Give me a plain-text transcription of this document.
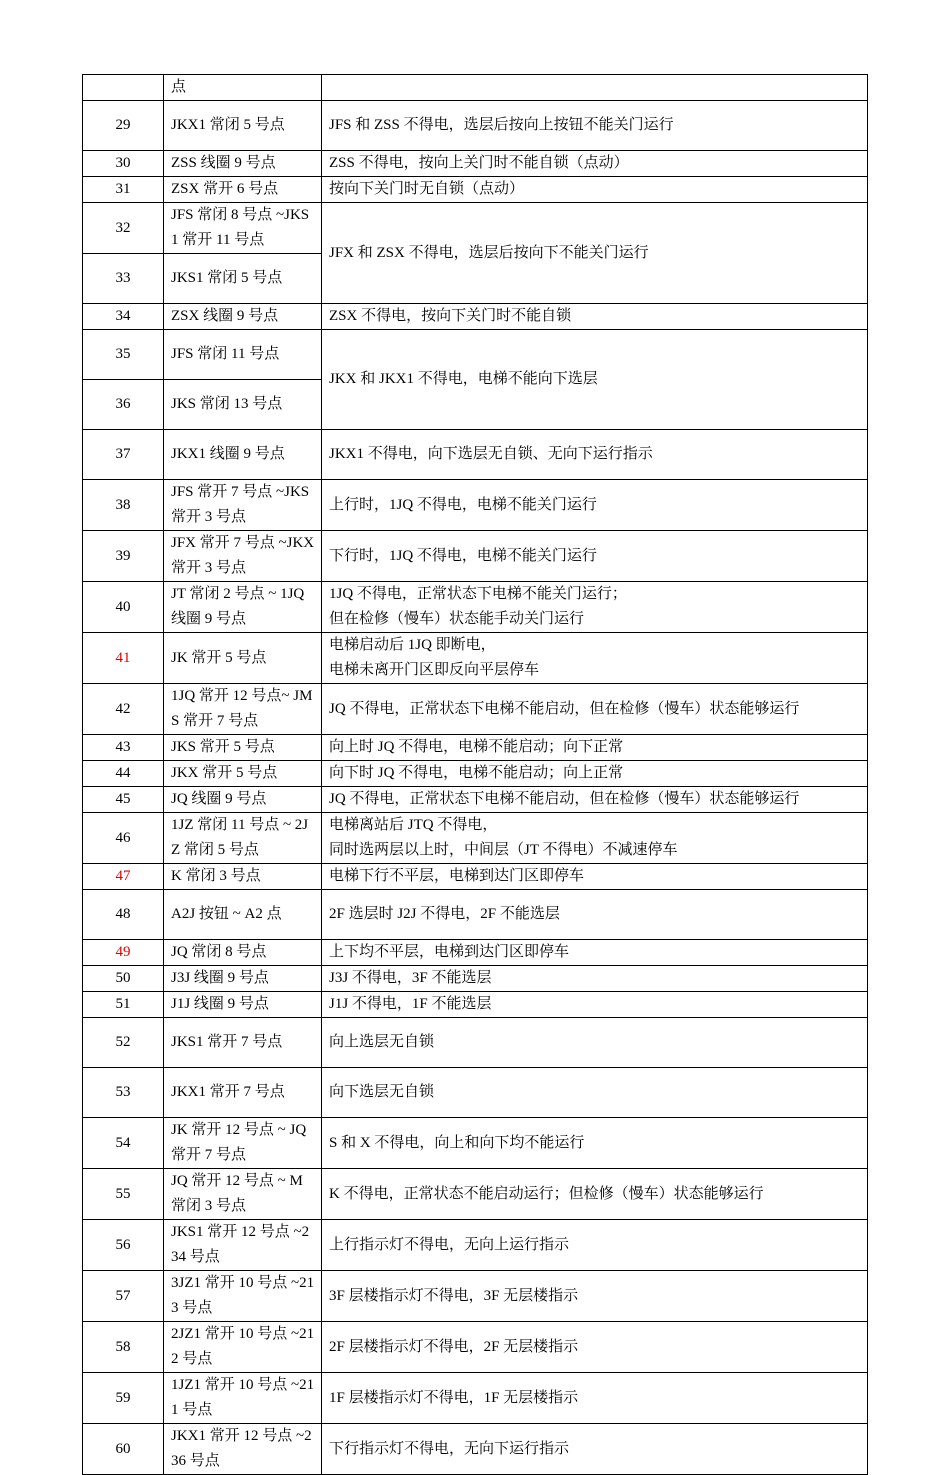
	点	
29	JKX1 常闭 5 号点	JFS 和 ZSS 不得电，选层后按向上按钮不能关门运行

30	ZSS 线圈 9 号点	ZSS 不得电，按向上关门时不能自锁（点动）

31	ZSX 常开 6 号点	按向下关门时无自锁（点动）

32	JFS 常闭 8 号点 ~JKS1 常开 11 号点	JFX 和 ZSX 不得电，选层后按向下不能关门运行

33	JKS1 常闭 5 号点	
34	ZSX 线圈 9 号点	ZSX 不得电，按向下关门时不能自锁

35	JFS 常闭 11 号点	JKX 和 JKX1 不得电，电梯不能向下选层

36	JKS 常闭 13 号点	
37	JKX1 线圈 9 号点	JKX1 不得电，向下选层无自锁、无向下运行指示

38	JFS 常开 7 号点 ~JKS 常开 3 号点	上行时，1JQ 不得电，电梯不能关门运行

39	JFX 常开 7 号点 ~JKX 常开 3 号点	下行时，1JQ 不得电，电梯不能关门运行

40	JT 常闭 2 号点 ~ 1JQ 线圈 9 号点	1JQ 不得电，正常状态下电梯不能关门运行；
但在检修（慢车）状态能手动关门运行

41	JK 常开 5 号点	电梯启动后 1JQ 即断电，
电梯未离开门区即反向平层停车

42	1JQ 常开 12 号点~ JMS 常开 7 号点	JQ 不得电，正常状态下电梯不能启动，但在检修（慢车）状态能够运行

43	JKS 常开 5 号点	向上时 JQ 不得电，电梯不能启动；向下正常

44	JKX 常开 5 号点	向下时 JQ 不得电，电梯不能启动；向上正常

45	JQ 线圈 9 号点	JQ 不得电，正常状态下电梯不能启动，但在检修（慢车）状态能够运行

46	1JZ 常闭 11 号点 ~ 2JZ 常闭 5 号点	电梯离站后 JTQ 不得电，
同时选两层以上时，中间层（JT 不得电）不减速停车

47	K 常闭 3 号点	电梯下行不平层，电梯到达门区即停车

48	A2J 按钮 ~ A2 点	2F 选层时 J2J 不得电，2F 不能选层

49	JQ 常闭 8 号点	上下均不平层，电梯到达门区即停车

50	J3J 线圈 9 号点	J3J 不得电，3F 不能选层

51	J1J 线圈 9 号点	J1J 不得电，1F 不能选层

52	JKS1 常开 7 号点	向上选层无自锁

53	JKX1 常开 7 号点	向下选层无自锁

54	JK 常开 12 号点 ~ JQ 常开 7 号点	S 和 X 不得电，向上和向下均不能运行

55	JQ 常开 12 号点 ~ M 常闭 3 号点	K 不得电，正常状态不能启动运行；但检修（慢车）状态能够运行

56	JKS1 常开 12 号点 ~234 号点	上行指示灯不得电，无向上运行指示

57	3JZ1 常开 10 号点 ~213 号点	3F 层楼指示灯不得电，3F 无层楼指示

58	2JZ1 常开 10 号点 ~212 号点	2F 层楼指示灯不得电，2F 无层楼指示

59	1JZ1 常开 10 号点 ~211 号点	1F 层楼指示灯不得电，1F 无层楼指示

60	JKX1 常开 12 号点 ~236 号点	下行指示灯不得电，无向下运行指示
